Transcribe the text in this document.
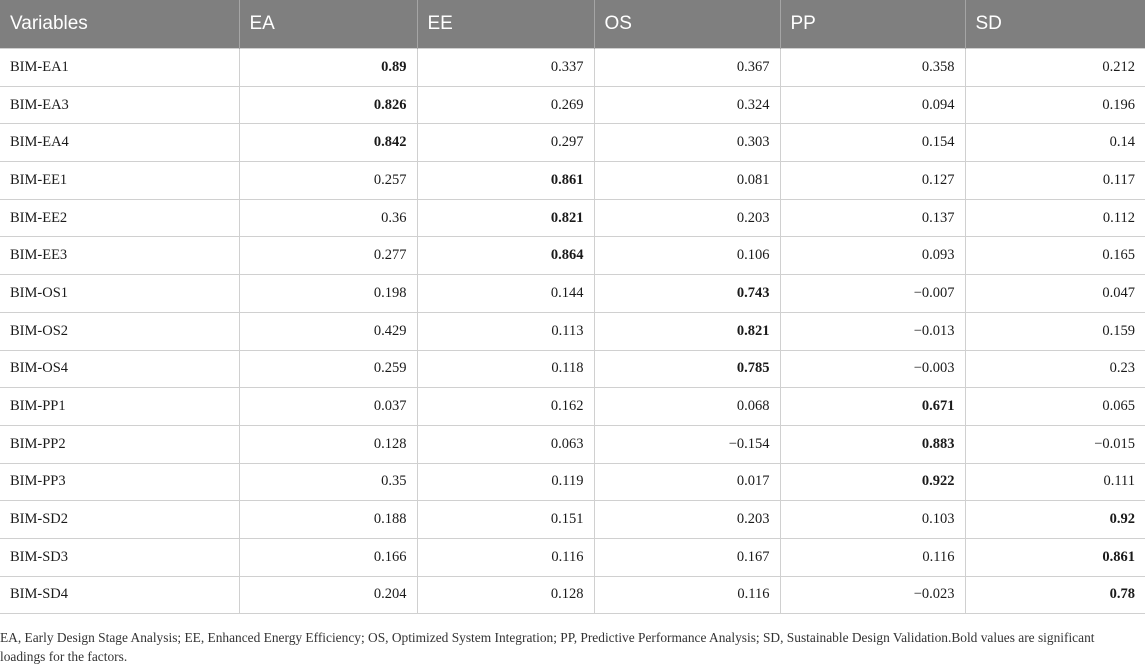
Variables	EA	EE	OS	PP	SD
BIM-EA1	0.89	0.337	0.367	0.358	0.212
BIM-EA3	0.826	0.269	0.324	0.094	0.196
BIM-EA4	0.842	0.297	0.303	0.154	0.14
BIM-EE1	0.257	0.861	0.081	0.127	0.117
BIM-EE2	0.36	0.821	0.203	0.137	0.112
BIM-EE3	0.277	0.864	0.106	0.093	0.165
BIM-OS1	0.198	0.144	0.743	−0.007	0.047
BIM-OS2	0.429	0.113	0.821	−0.013	0.159
BIM-OS4	0.259	0.118	0.785	−0.003	0.23
BIM-PP1	0.037	0.162	0.068	0.671	0.065
BIM-PP2	0.128	0.063	−0.154	0.883	−0.015
BIM-PP3	0.35	0.119	0.017	0.922	0.111
BIM-SD2	0.188	0.151	0.203	0.103	0.92
BIM-SD3	0.166	0.116	0.167	0.116	0.861
BIM-SD4	0.204	0.128	0.116	−0.023	0.78

EA, Early Design Stage Analysis; EE, Enhanced Energy Efficiency; OS, Optimized System Integration; PP, Predictive Performance Analysis; SD, Sustainable Design Validation.Bold values are significant loadings for the factors.
